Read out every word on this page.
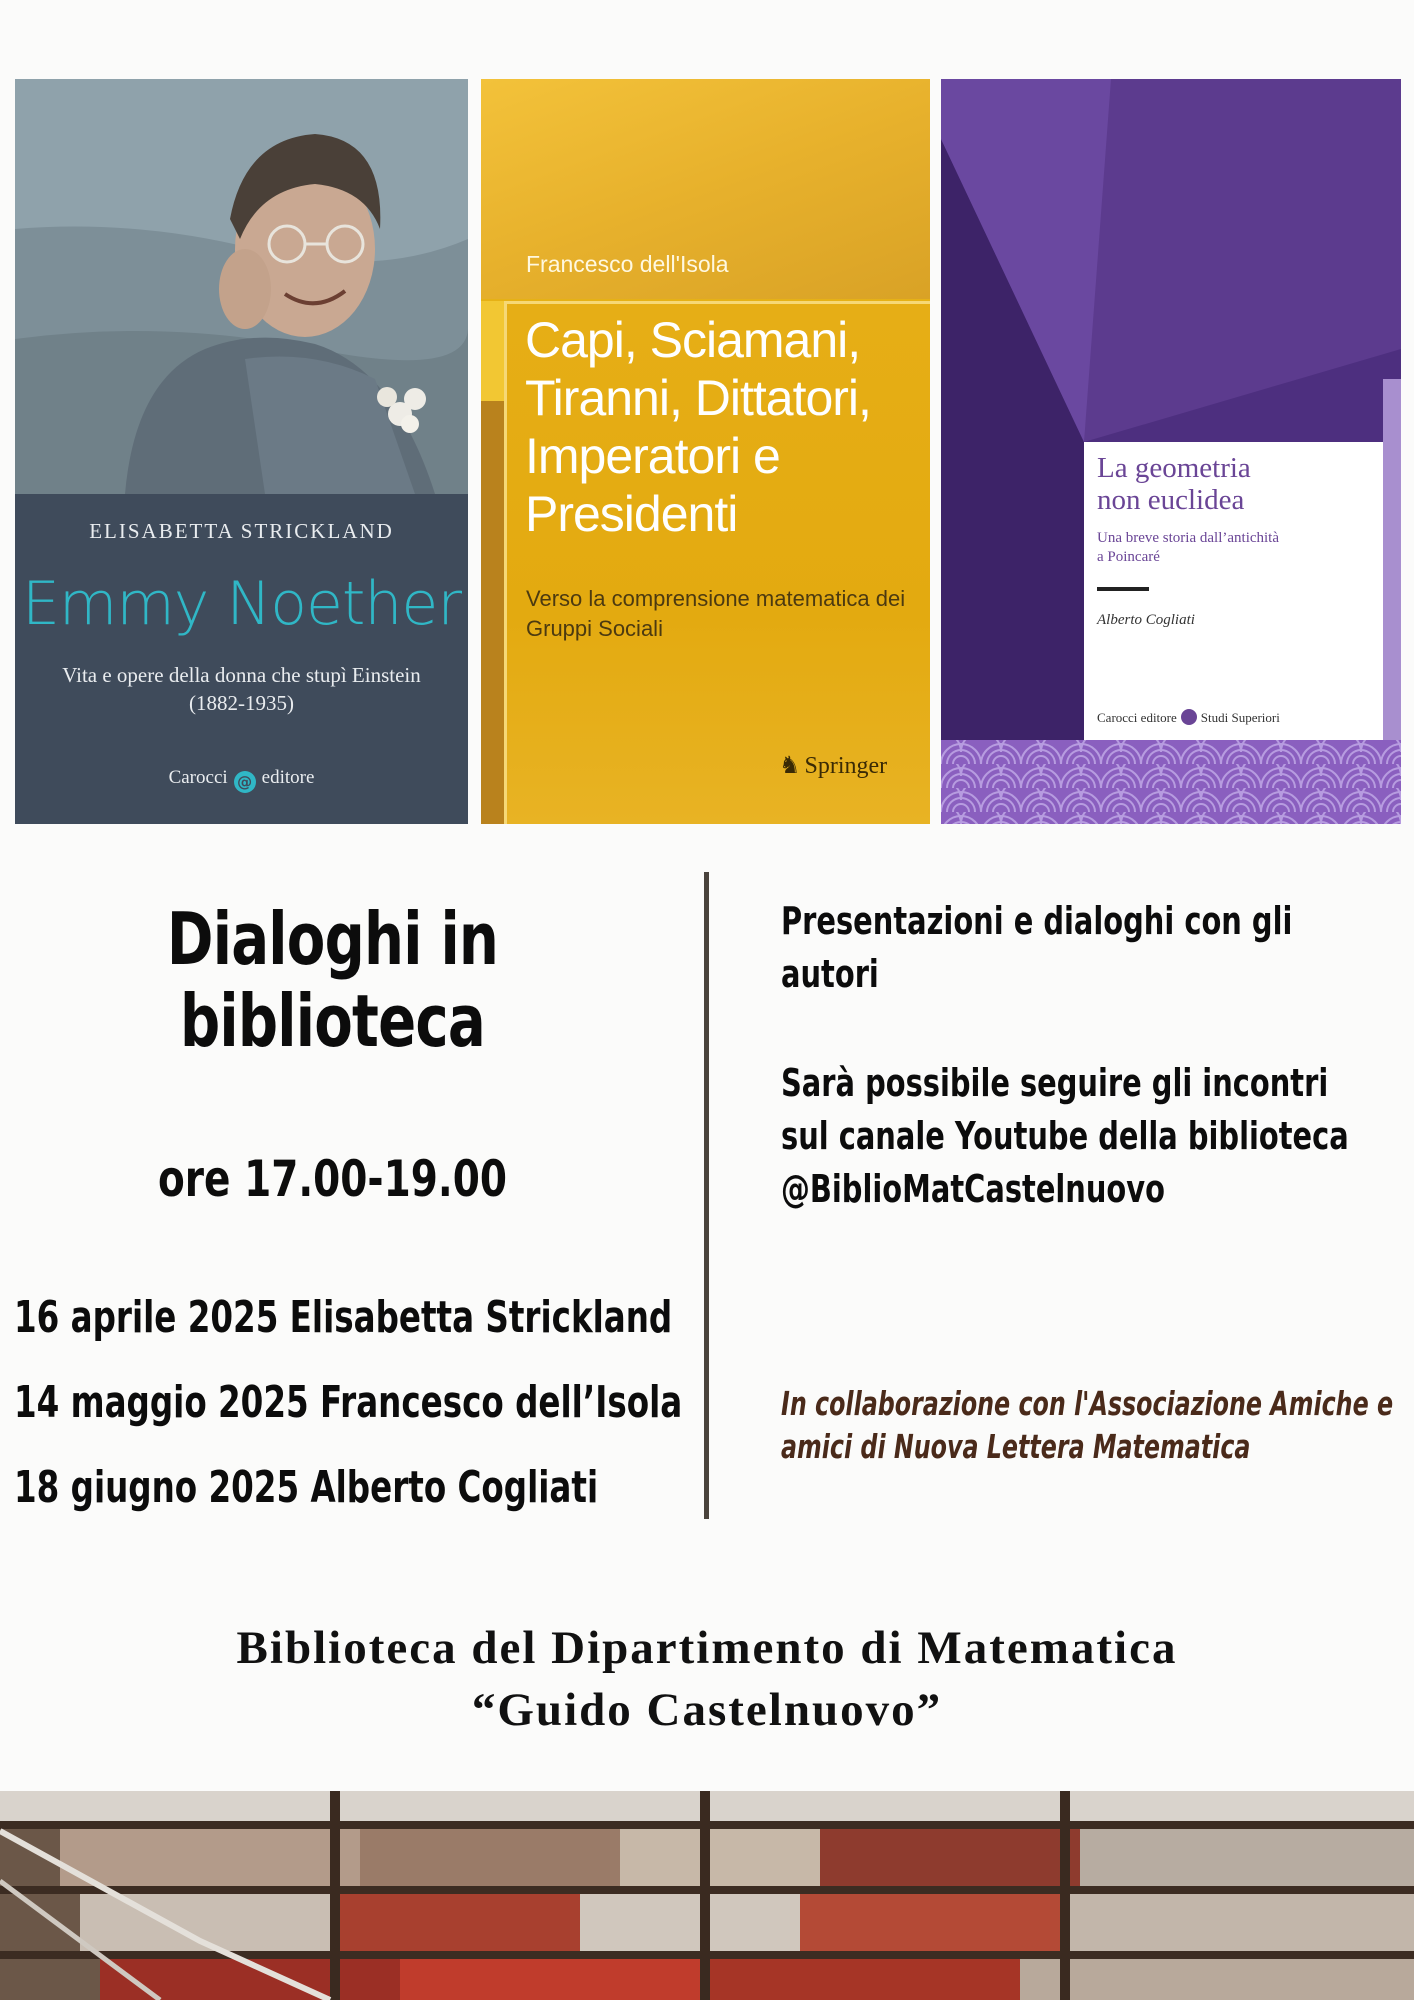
ELISABETTA STRICKLAND
Emmy Noether
Vita e opere della donna che stupì Einstein
(1882-1935)
Carocci @ editore
Francesco dell'Isola
Capi, Sciamani,
Tiranni, Dittatori,
Imperatori e
Presidenti
Verso la comprensione matematica dei
Gruppi Sociali
♞ Springer
La geometria
non euclidea
Una breve storia dall’antichità
a Poincaré
Alberto Cogliati
Carocci editore Studi Superiori
Dialoghi in
biblioteca
ore 17.00-19.00
16 aprile 2025 Elisabetta Strickland
14 maggio 2025 Francesco dell’Isola
18 giugno 2025 Alberto Cogliati
Presentazioni e dialoghi con gli
autori
Sarà possibile seguire gli incontri
sul canale Youtube della biblioteca
@BiblioMatCastelnuovo
In collaborazione con l'Associazione Amiche e
amici di Nuova Lettera Matematica
Biblioteca del Dipartimento di Matematica
“Guido Castelnuovo”
